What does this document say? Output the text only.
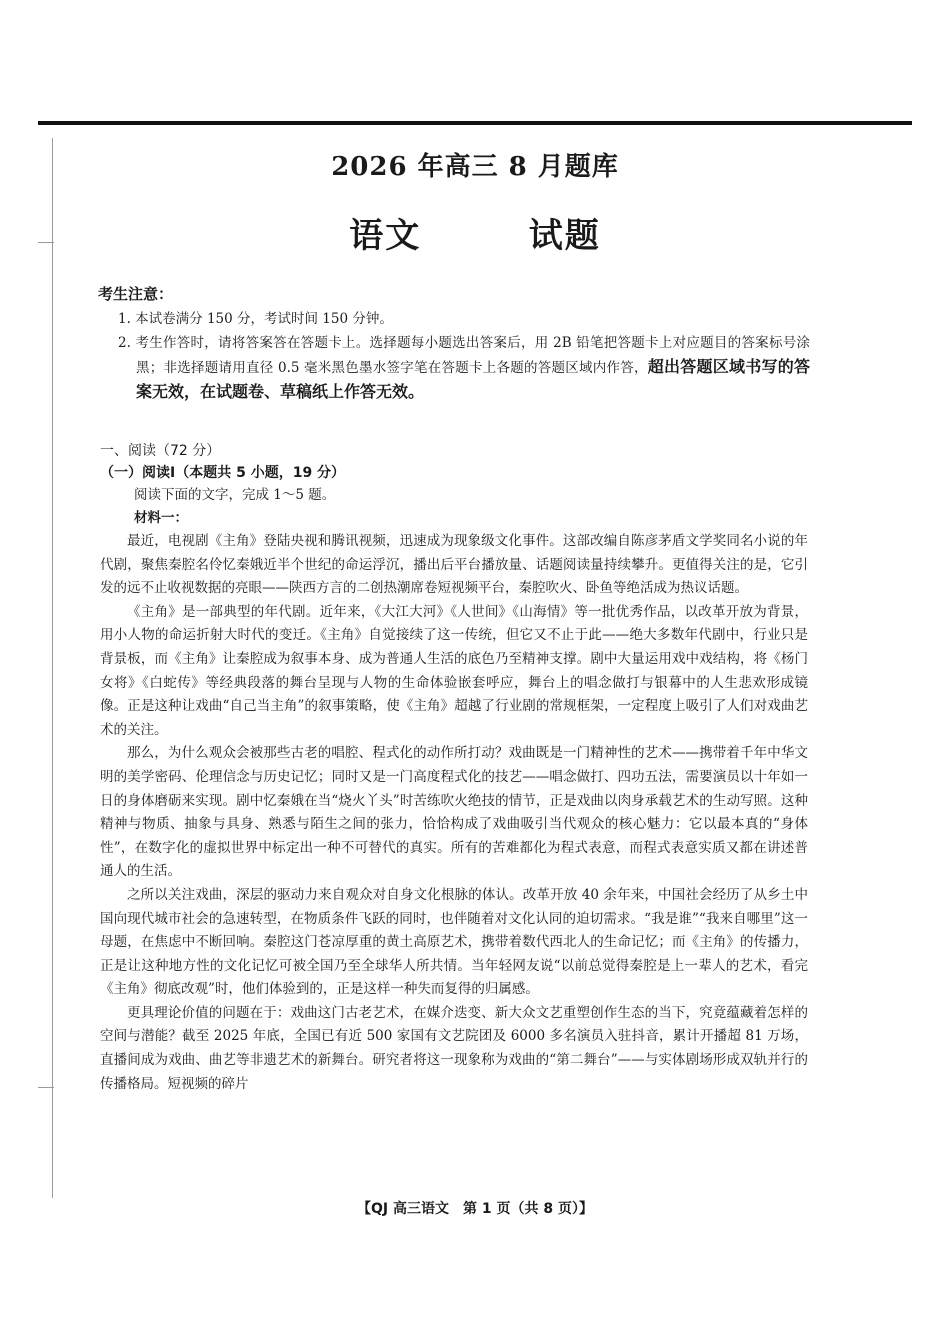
2026 年高三 8 月题库
语文   试题
考生注意：
1. 本试卷满分 150 分，考试时间 150 分钟。
2. 考生作答时，请将答案答在答题卡上。选择题每小题选出答案后，用 2B 铅笔把答题卡上对应题目的答案标号涂黑；非选择题请用直径 0.5 毫米黑色墨水签字笔在答题卡上各题的答题区域内作答，超出答题区域书写的答案无效，在试题卷、草稿纸上作答无效。
一、阅读（72 分）
（一）阅读Ⅰ（本题共 5 小题，19 分）
阅读下面的文字，完成 1～5 题。
材料一：

最近，电视剧《主角》登陆央视和腾讯视频，迅速成为现象级文化事件。这部改编自陈彦茅盾文学奖同名小说的年代剧，聚焦秦腔名伶忆秦娥近半个世纪的命运浮沉，播出后平台播放量、话题阅读量持续攀升。更值得关注的是，它引发的远不止收视数据的亮眼——陕西方言的二创热潮席卷短视频平台，秦腔吹火、卧鱼等绝活成为热议话题。

《主角》是一部典型的年代剧。近年来，《大江大河》《人世间》《山海情》等一批优秀作品，以改革开放为背景，用小人物的命运折射大时代的变迁。《主角》自觉接续了这一传统，但它又不止于此——绝大多数年代剧中，行业只是背景板，而《主角》让秦腔成为叙事本身、成为普通人生活的底色乃至精神支撑。剧中大量运用戏中戏结构，将《杨门女将》《白蛇传》等经典段落的舞台呈现与人物的生命体验嵌套呼应，舞台上的唱念做打与银幕中的人生悲欢形成镜像。正是这种让戏曲“自己当主角”的叙事策略，使《主角》超越了行业剧的常规框架，一定程度上吸引了人们对戏曲艺术的关注。

那么，为什么观众会被那些古老的唱腔、程式化的动作所打动？戏曲既是一门精神性的艺术——携带着千年中华文明的美学密码、伦理信念与历史记忆；同时又是一门高度程式化的技艺——唱念做打、四功五法，需要演员以十年如一日的身体磨砺来实现。剧中忆秦娥在当“烧火丫头”时苦练吹火绝技的情节，正是戏曲以肉身承载艺术的生动写照。这种精神与物质、抽象与具身、熟悉与陌生之间的张力，恰恰构成了戏曲吸引当代观众的核心魅力：它以最本真的“身体性”，在数字化的虚拟世界中标定出一种不可替代的真实。所有的苦难都化为程式表意，而程式表意实质又都在讲述普通人的生活。

之所以关注戏曲，深层的驱动力来自观众对自身文化根脉的体认。改革开放 40 余年来，中国社会经历了从乡土中国向现代城市社会的急速转型，在物质条件飞跃的同时，也伴随着对文化认同的迫切需求。“我是谁”“我来自哪里”这一母题，在焦虑中不断回响。秦腔这门苍凉厚重的黄土高原艺术，携带着数代西北人的生命记忆；而《主角》的传播力，正是让这种地方性的文化记忆可被全国乃至全球华人所共情。当年轻网友说“以前总觉得秦腔是上一辈人的艺术，看完《主角》彻底改观”时，他们体验到的，正是这样一种失而复得的归属感。

更具理论价值的问题在于：戏曲这门古老艺术，在媒介迭变、新大众文艺重塑创作生态的当下，究竟蕴藏着怎样的空间与潜能？截至 2025 年底，全国已有近 500 家国有文艺院团及 6000 多名演员入驻抖音，累计开播超 81 万场，直播间成为戏曲、曲艺等非遗艺术的新舞台。研究者将这一现象称为戏曲的“第二舞台”——与实体剧场形成双轨并行的传播格局。短视频的碎片

【QJ 高三语文　第 1 页（共 8 页）】
